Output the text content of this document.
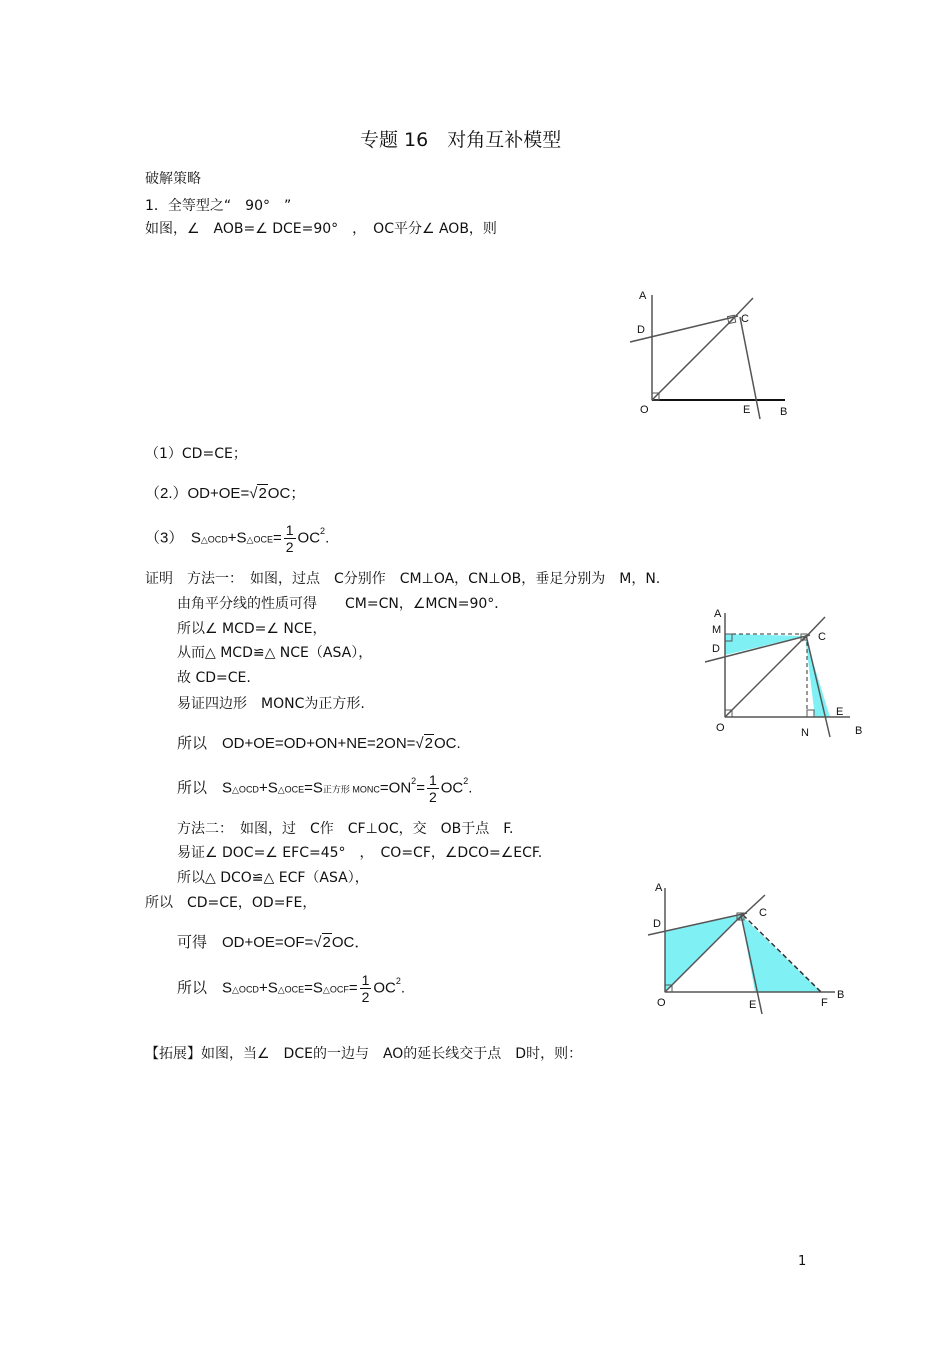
专题 16　对角互补模型
破解策略
1．全等型之“　90°　”
如图，∠　AOB=∠ DCE=90°　，　OC平分∠ AOB，则
A
D
C
O	E	B
（1）CD=CE；
（2.）OD+OE=√2OC；
（3）　S△OCD+S△OCE= $\frac{1}{2} OC^2$.
证明　方法一：　如图，过点　C分别作　CM⊥OA，CN⊥OB，垂足分别为　M，N.
由角平分线的性质可得　　CM=CN，∠MCN=90°．
所以∠ MCD=∠ NCE，
从而△ MCD≌△ NCE（ASA），
故 CD=CE.
易证四边形　MONC为正方形.
所以　OD+OE=OD+ON+NE=2ON=√2OC.
所以　S△OCD+S△OCE=S正方形 $MONC=ON^2= \frac{1}{2} OC^2$.
A
M
D
C
E
O	N	B
方法二：　如图，过　C作　CF⊥OC，交　OB于点　F.
易证∠ DOC=∠ EFC=45°　，　CO=CF，∠DCO=∠ECF.
所以△ DCO≌△ ECF（ASA），
所以　CD=CE，OD=FE，
可得　OD+OE=OF=√2OC．
所以　S△OCD+S△OCE=S△OCF= $\frac{1}{2} OC^2$.
A
D
C
O	E	F
B
【拓展】如图，当∠　DCE的一边与　AO的延长线交于点　D时，则：
1
